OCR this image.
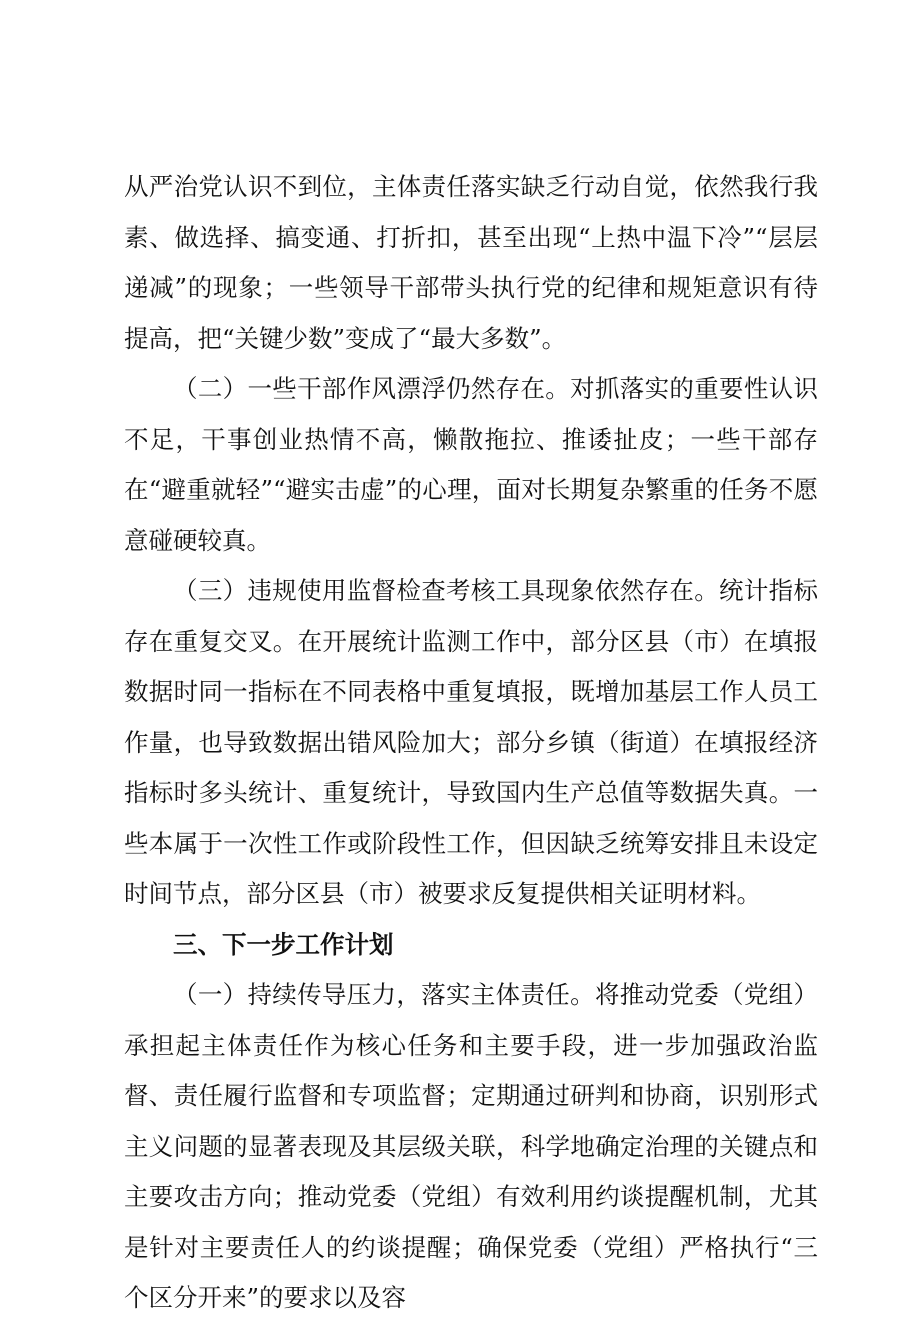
从严治党认识不到位，主体责任落实缺乏行动自觉，依然我行我素、做选择、搞变通、打折扣，甚至出现“上热中温下冷”“层层递减”的现象；一些领导干部带头执行党的纪律和规矩意识有待提高，把“关键少数”变成了“最大多数”。

（二）一些干部作风漂浮仍然存在。对抓落实的重要性认识不足，干事创业热情不高，懒散拖拉、推诿扯皮；一些干部存在“避重就轻”“避实击虚”的心理，面对长期复杂繁重的任务不愿意碰硬较真。

（三）违规使用监督检查考核工具现象依然存在。统计指标存在重复交叉。在开展统计监测工作中，部分区县（市）在填报数据时同一指标在不同表格中重复填报，既增加基层工作人员工作量，也导致数据出错风险加大；部分乡镇（街道）在填报经济指标时多头统计、重复统计，导致国内生产总值等数据失真。一些本属于一次性工作或阶段性工作，但因缺乏统筹安排且未设定时间节点，部分区县（市）被要求反复提供相关证明材料。

三、下一步工作计划

（一）持续传导压力，落实主体责任。将推动党委（党组）承担起主体责任作为核心任务和主要手段，进一步加强政治监督、责任履行监督和专项监督；定期通过研判和协商，识别形式主义问题的显著表现及其层级关联，科学地确定治理的关键点和主要攻击方向；推动党委（党组）有效利用约谈提醒机制，尤其是针对主要责任人的约谈提醒；确保党委（党组）严格执行“三个区分开来”的要求以及容
